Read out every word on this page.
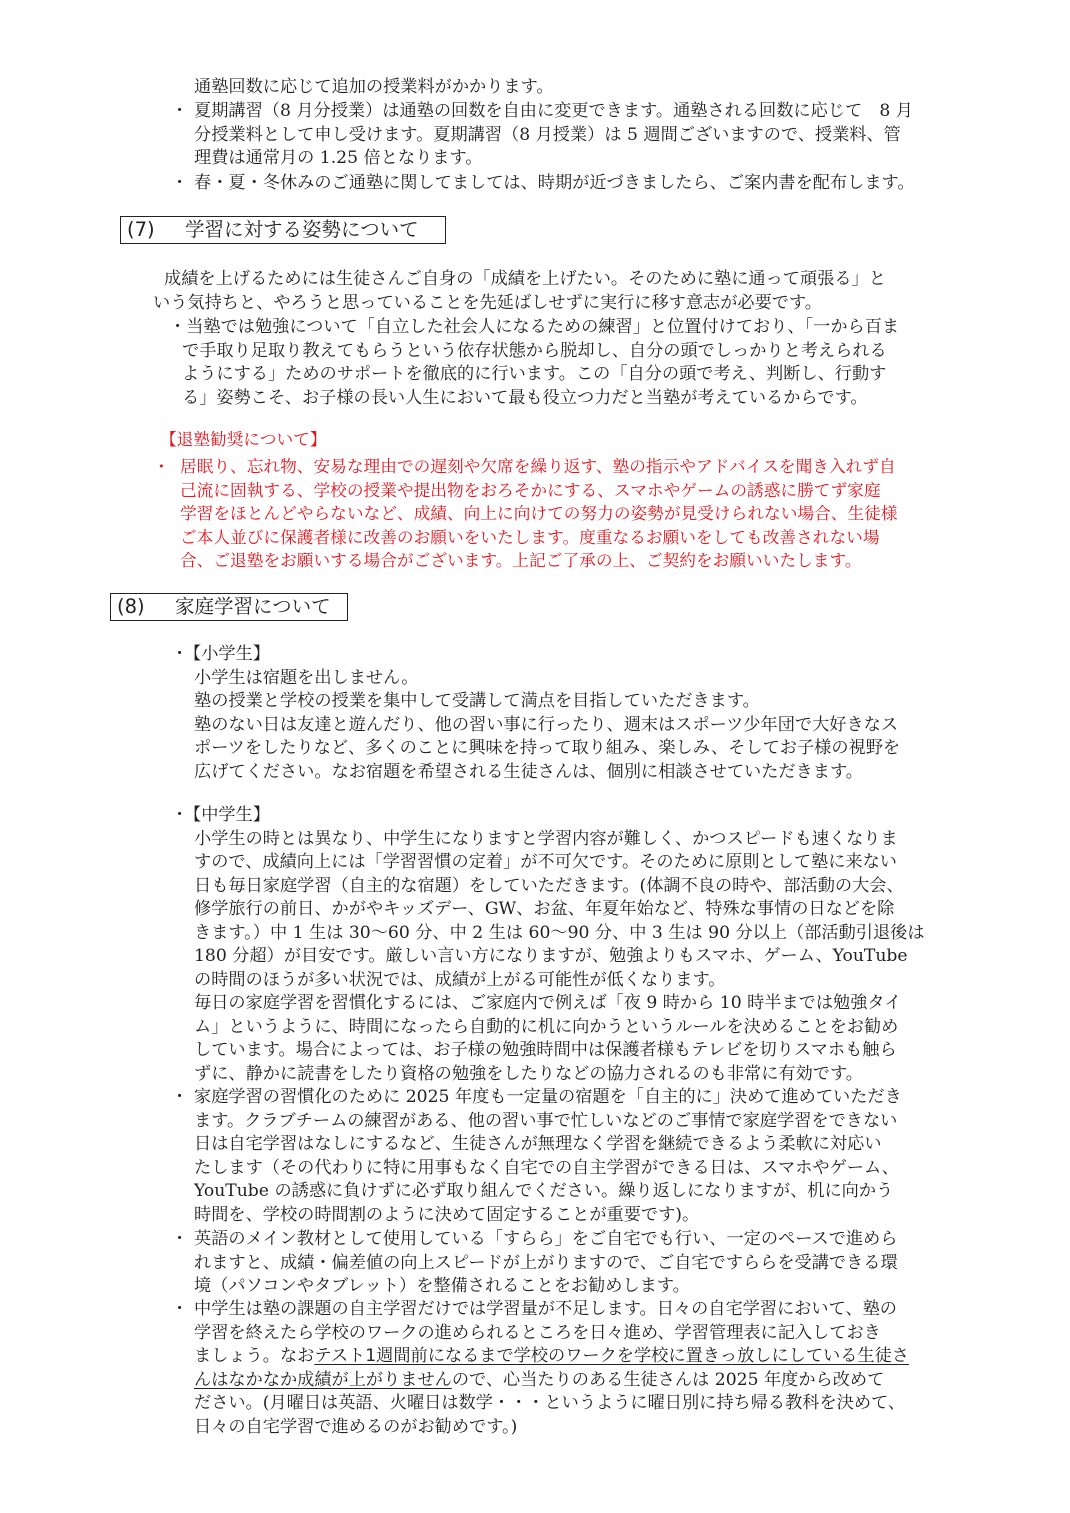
通塾回数に応じて追加の授業料がかかります。
・ 夏期講習（8 月分授業）は通塾の回数を自由に変更できます。通塾される回数に応じて　8 月
分授業料として申し受けます。夏期講習（8 月授業）は 5 週間ございますので、授業料、管
理費は通常月の 1.25 倍となります。
・ 春・夏・冬休みのご通塾に関してましては、時期が近づきましたら、ご案内書を配布します。
(7) 学習に対する姿勢について
成績を上げるためには生徒さんご自身の「成績を上げたい。そのために塾に通って頑張る」と
いう気持ちと、やろうと思っていることを先延ばしせずに実行に移す意志が必要です。
・当塾では勉強について「自立した社会人になるための練習」と位置付けており、「一から百ま
で手取り足取り教えてもらうという依存状態から脱却し、自分の頭でしっかりと考えられる
ようにする」ためのサポートを徹底的に行います。この「自分の頭で考え、判断し、行動す
る」姿勢こそ、お子様の長い人生において最も役立つ力だと当塾が考えているからです。
【退塾勧奨について】
・ 居眠り、忘れ物、安易な理由での遅刻や欠席を繰り返す、塾の指示やアドバイスを聞き入れず自
己流に固執する、学校の授業や提出物をおろそかにする、スマホやゲームの誘惑に勝てず家庭
学習をほとんどやらないなど、成績、向上に向けての努力の姿勢が見受けられない場合、生徒様
ご本人並びに保護者様に改善のお願いをいたします。度重なるお願いをしても改善されない場
合、ご退塾をお願いする場合がございます。上記ご了承の上、ご契約をお願いいたします。
(8) 家庭学習について
・
【小学生】
小学生は宿題を出しません。
塾の授業と学校の授業を集中して受講して満点を目指していただきます。
塾のない日は友達と遊んだり、他の習い事に行ったり、週末はスポーツ少年団で大好きなス
ポーツをしたりなど、多くのことに興味を持って取り組み、楽しみ、そしてお子様の視野を
広げてください。なお宿題を希望される生徒さんは、個別に相談させていただきます。
・
【中学生】
小学生の時とは異なり、中学生になりますと学習内容が難しく、かつスピードも速くなりま
すので、成績向上には「学習習慣の定着」が不可欠です。そのために原則として塾に来ない
日も毎日家庭学習（自主的な宿題）をしていただきます。(体調不良の時や、部活動の大会、
修学旅行の前日、かがやキッズデー、GW、お盆、年夏年始など、特殊な事情の日などを除
きます。）中 1 生は 30〜60 分、中 2 生は 60〜90 分、中 3 生は 90 分以上（部活動引退後は
180 分超）が目安です。厳しい言い方になりますが、勉強よりもスマホ、ゲーム、YouTube
の時間のほうが多い状況では、成績が上がる可能性が低くなります。
毎日の家庭学習を習慣化するには、ご家庭内で例えば「夜 9 時から 10 時半までは勉強タイ
ム」というように、時間になったら自動的に机に向かうというルールを決めることをお勧め
しています。場合によっては、お子様の勉強時間中は保護者様もテレビを切りスマホも触ら
ずに、静かに読書をしたり資格の勉強をしたりなどの協力されるのも非常に有効です。
・ 家庭学習の習慣化のために 2025 年度も一定量の宿題を「自主的に」決めて進めていただき
ます。クラブチームの練習がある、他の習い事で忙しいなどのご事情で家庭学習をできない
日は自宅学習はなしにするなど、生徒さんが無理なく学習を継続できるよう柔軟に対応い
たします（その代わりに特に用事もなく自宅での自主学習ができる日は、スマホやゲーム、
YouTube の誘惑に負けずに必ず取り組んでください。繰り返しになりますが、机に向かう
時間を、学校の時間割のように決めて固定することが重要です)。
・ 英語のメイン教材として使用している「すらら」をご自宅でも行い、一定のペースで進めら
れますと、成績・偏差値の向上スピードが上がりますので、ご自宅ですららを受講できる環
境（パソコンやタブレット）を整備されることをお勧めします。
・ 中学生は塾の課題の自主学習だけでは学習量が不足します。日々の自宅学習において、塾の
学習を終えたら学校のワークの進められるところを日々進め、学習管理表に記入しておき
ましょう。なおテスト1週間前になるまで学校のワークを学校に置きっ放しにしている生徒さ
んはなかなか成績が上がりませんので、心当たりのある生徒さんは 2025 年度から改めて
ださい。(月曜日は英語、火曜日は数学・・・というように曜日別に持ち帰る教科を決めて、
日々の自宅学習で進めるのがお勧めです。)
